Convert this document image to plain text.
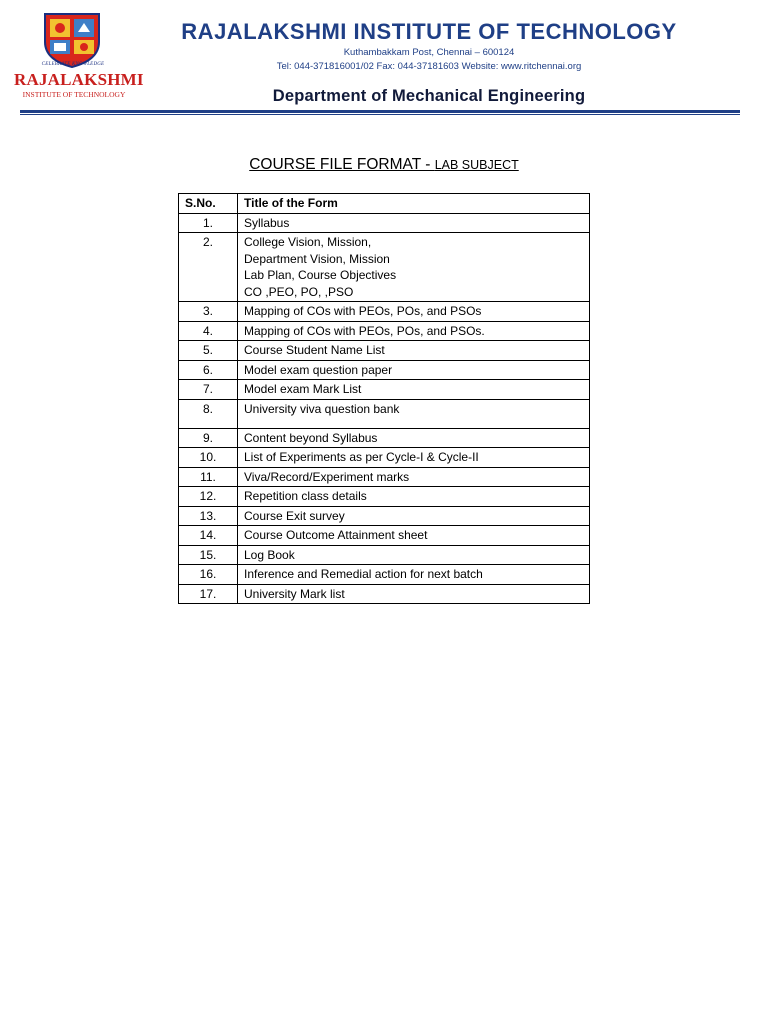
CELEBRATE KNOWLEDGE
RAJALAKSHMI
INSTITUTE OF TECHNOLOGY
RAJALAKSHMI INSTITUTE OF TECHNOLOGY
Kuthambakkam Post, Chennai – 600124
Tel: 044-371816001/02 Fax: 044-37181603 Website: www.ritchennai.org
Department of Mechanical Engineering
COURSE FILE FORMAT - LAB SUBJECT
S.No.	Title of the Form
1.	Syllabus
2.	College Vision, Mission,
Department Vision, Mission
Lab Plan, Course Objectives
CO ,PEO, PO, ,PSO
3.	Mapping of COs with PEOs, POs, and PSOs
4.	Mapping of COs with PEOs, POs, and PSOs.
5.	Course Student Name List
6.	Model exam question paper
7.	Model exam Mark List
8.	University viva question bank
9.	Content beyond Syllabus
10.	List of Experiments as per Cycle-I & Cycle-II
11.	Viva/Record/Experiment marks
12.	Repetition class details
13.	Course Exit survey
14.	Course Outcome Attainment sheet
15.	Log Book
16.	Inference and Remedial action for next batch
17.	University Mark list
